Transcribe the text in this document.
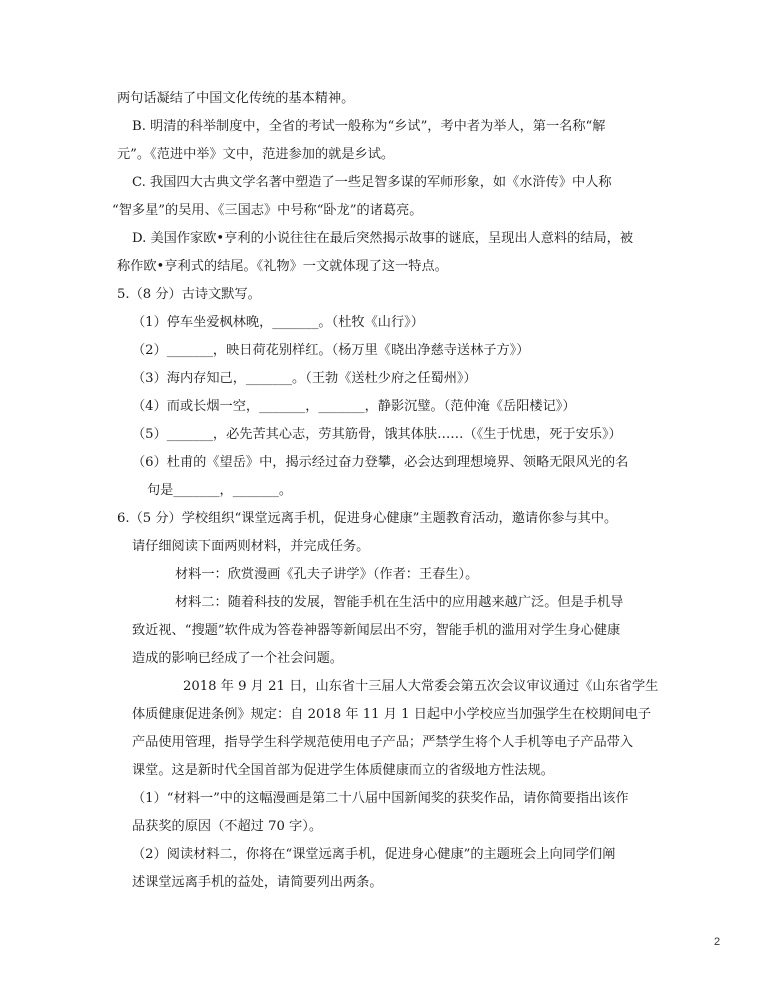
两句话凝结了中国文化传统的基本精神。
B. 明清的科举制度中，全省的考试一般称为“乡试”，考中者为举人，第一名称“解
元”。《范进中举》文中，范进参加的就是乡试。
C. 我国四大古典文学名著中塑造了一些足智多谋的军师形象，如《水浒传》中人称
“智多星”的吴用、《三国志》中号称“卧龙”的诸葛亮。
D. 美国作家欧•亨利的小说往往在最后突然揭示故事的谜底，呈现出人意料的结局，被
称作欧•亨利式的结尾。《礼物》一文就体现了这一特点。
5.（8 分）古诗文默写。
（1）停车坐爱枫林晚，_______。（杜牧《山行》）
（2）_______，映日荷花别样红。（杨万里《晓出净慈寺送林子方》）
（3）海内存知己，_______。（王勃《送杜少府之任蜀州》）
（4）而或长烟一空，_______，_______，静影沉璧。（范仲淹《岳阳楼记》）
（5）_______，必先苦其心志，劳其筋骨，饿其体肤……（《生于忧患，死于安乐》）
（6）杜甫的《望岳》中，揭示经过奋力登攀，必会达到理想境界、领略无限风光的名
句是_______，_______。
6.（5 分）学校组织“课堂远离手机，促进身心健康”主题教育活动，邀请你参与其中。
请仔细阅读下面两则材料，并完成任务。
材料一：欣赏漫画《孔夫子讲学》（作者：王春生）。
材料二：随着科技的发展，智能手机在生活中的应用越来越广泛。但是手机导
致近视、“搜题”软件成为答卷神器等新闻层出不穷，智能手机的滥用对学生身心健康
造成的影响已经成了一个社会问题。
2018 年 9 月 21 日，山东省十三届人大常委会第五次会议审议通过《山东省学生
体质健康促进条例》规定：自 2018 年 11 月 1 日起中小学校应当加强学生在校期间电子
产品使用管理，指导学生科学规范使用电子产品；严禁学生将个人手机等电子产品带入
课堂。这是新时代全国首部为促进学生体质健康而立的省级地方性法规。
（1）“材料一”中的这幅漫画是第二十八届中国新闻奖的获奖作品，请你简要指出该作
品获奖的原因（不超过 70 字）。
（2）阅读材料二，你将在“课堂远离手机，促进身心健康”的主题班会上向同学们阐
述课堂远离手机的益处，请简要列出两条。
2
